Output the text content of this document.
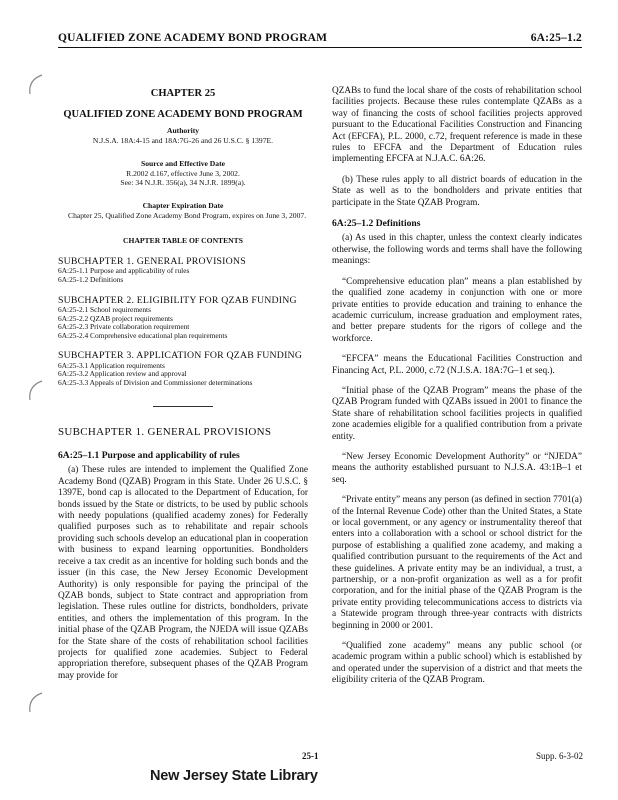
QUALIFIED ZONE ACADEMY BOND PROGRAM	6A:25–1.2
CHAPTER 25
QUALIFIED ZONE ACADEMY BOND PROGRAM
Authority
N.J.S.A. 18A:4-15 and 18A:7G-26 and 26 U.S.C. § 1397E.
Source and Effective Date
R.2002 d.167, effective June 3, 2002.
See: 34 N.J.R. 356(a), 34 N.J.R. 1899(a).
Chapter Expiration Date
Chapter 25, Qualified Zone Academy Bond Program, expires on June 3, 2007.
CHAPTER TABLE OF CONTENTS
SUBCHAPTER 1. GENERAL PROVISIONS
6A:25-1.1 Purpose and applicability of rules
6A:25-1.2 Definitions
SUBCHAPTER 2. ELIGIBILITY FOR QZAB FUNDING
6A:25-2.1 School requirements
6A:25-2.2 QZAB project requirements
6A:25-2.3 Private collaboration requirement
6A:25-2.4 Comprehensive educational plan requirements
SUBCHAPTER 3. APPLICATION FOR QZAB FUNDING
6A:25-3.1 Application requirements
6A:25-3.2 Application review and approval
6A:25-3.3 Appeals of Division and Commissioner determinations
SUBCHAPTER 1. GENERAL PROVISIONS
6A:25–1.1 Purpose and applicability of rules

(a) These rules are intended to implement the Qualified Zone Academy Bond (QZAB) Program in this State. Under 26 U.S.C. § 1397E, bond cap is allocated to the Department of Education, for bonds issued by the State or districts, to be used by public schools with needy populations (qualified academy zones) for Federally qualified purposes such as to rehabilitate and repair schools providing such schools develop an educational plan in cooperation with business to expand learning opportunities. Bondholders receive a tax credit as an incentive for holding such bonds and the issuer (in this case, the New Jersey Economic Development Authority) is only responsible for paying the principal of the QZAB bonds, subject to State contract and appropriation from legislation. These rules outline for districts, bondholders, private entities, and others the implementation of this program. In the initial phase of the QZAB Program, the NJEDA will issue QZABs for the State share of the costs of rehabilitation school facilities projects for qualified zone academies. Subject to Federal appropriation therefore, subsequent phases of the QZAB Program may provide for

QZABs to fund the local share of the costs of rehabilitation school facilities projects. Because these rules contemplate QZABs as a way of financing the costs of school facilities projects approved pursuant to the Educational Facilities Construction and Financing Act (EFCFA), P.L. 2000, c.72, frequent reference is made in these rules to EFCFA and the Department of Education rules implementing EFCFA at N.J.A.C. 6A:26.

(b) These rules apply to all district boards of education in the State as well as to the bondholders and private entities that participate in the State QZAB Program.

6A:25–1.2 Definitions

(a) As used in this chapter, unless the context clearly indicates otherwise, the following words and terms shall have the following meanings:

“Comprehensive education plan” means a plan established by the qualified zone academy in conjunction with one or more private entities to provide education and training to enhance the academic curriculum, increase graduation and employment rates, and better prepare students for the rigors of college and the workforce.

“EFCFA” means the Educational Facilities Construction and Financing Act, P.L. 2000, c.72 (N.J.S.A. 18A:7G–1 et seq.).

“Initial phase of the QZAB Program” means the phase of the QZAB Program funded with QZABs issued in 2001 to finance the State share of rehabilitation school facilities projects in qualified zone academies eligible for a qualified contribution from a private entity.

“New Jersey Economic Development Authority” or “NJEDA” means the authority established pursuant to N.J.S.A. 43:1B–1 et seq.

“Private entity” means any person (as defined in section 7701(a) of the Internal Revenue Code) other than the United States, a State or local government, or any agency or instrumentality thereof that enters into a collaboration with a school or school district for the purpose of establishing a qualified zone academy, and making a qualified contribution pursuant to the requirements of the Act and these guidelines. A private entity may be an individual, a trust, a partnership, or a non-profit organization as well as a for profit corporation, and for the initial phase of the QZAB Program is the private entity providing telecommunications access to districts via a Statewide program through three-year contracts with districts beginning in 2000 or 2001.

“Qualified zone academy” means any public school (or academic program within a public school) which is established by and operated under the supervision of a district and that meets the eligibility criteria of the QZAB Program.

25-1	Supp. 6-3-02
New Jersey State Library
